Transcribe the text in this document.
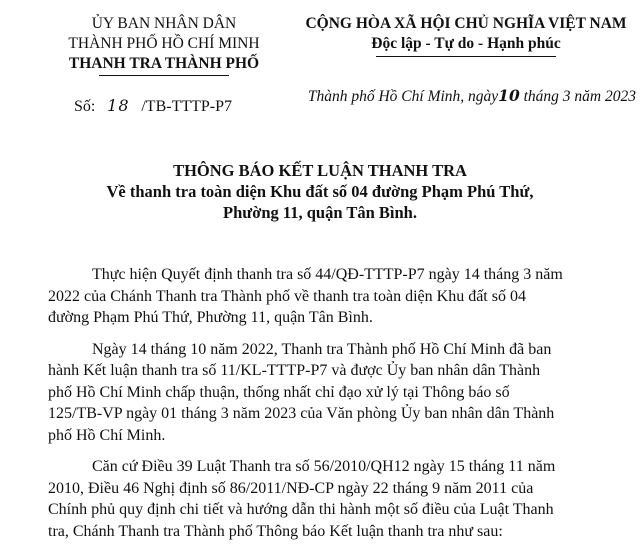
ỦY BAN NHÂN DÂN
THÀNH PHỐ HỒ CHÍ MINH
THANH TRA THÀNH PHỐ
Số: 18 /TB-TTTP-P7
CỘNG HÒA XÃ HỘI CHỦ NGHĨA VIỆT NAM
Độc lập - Tự do - Hạnh phúc
Thành phố Hồ Chí Minh, ngày10 tháng 3 năm 2023
THÔNG BÁO KẾT LUẬN THANH TRA
Về thanh tra toàn diện Khu đất số 04 đường Phạm Phú Thứ,
Phường 11, quận Tân Bình.

Thực hiện Quyết định thanh tra số 44/QĐ-TTTP-P7 ngày 14 tháng 3 năm
2022 của Chánh Thanh tra Thành phố về thanh tra toàn diện Khu đất số 04
đường Phạm Phú Thứ, Phường 11, quận Tân Bình.

Ngày 14 tháng 10 năm 2022, Thanh tra Thành phố Hồ Chí Minh đã ban
hành Kết luận thanh tra số 11/KL-TTTP-P7 và được Ủy ban nhân dân Thành
phố Hồ Chí Minh chấp thuận, thống nhất chỉ đạo xử lý tại Thông báo số
125/TB-VP ngày 01 tháng 3 năm 2023 của Văn phòng Ủy ban nhân dân Thành
phố Hồ Chí Minh.

Căn cứ Điều 39 Luật Thanh tra số 56/2010/QH12 ngày 15 tháng 11 năm
2010, Điều 46 Nghị định số 86/2011/NĐ-CP ngày 22 tháng 9 năm 2011 của
Chính phủ quy định chi tiết và hướng dẫn thi hành một số điều của Luật Thanh
tra, Chánh Thanh tra Thành phố Thông báo Kết luận thanh tra như sau:
